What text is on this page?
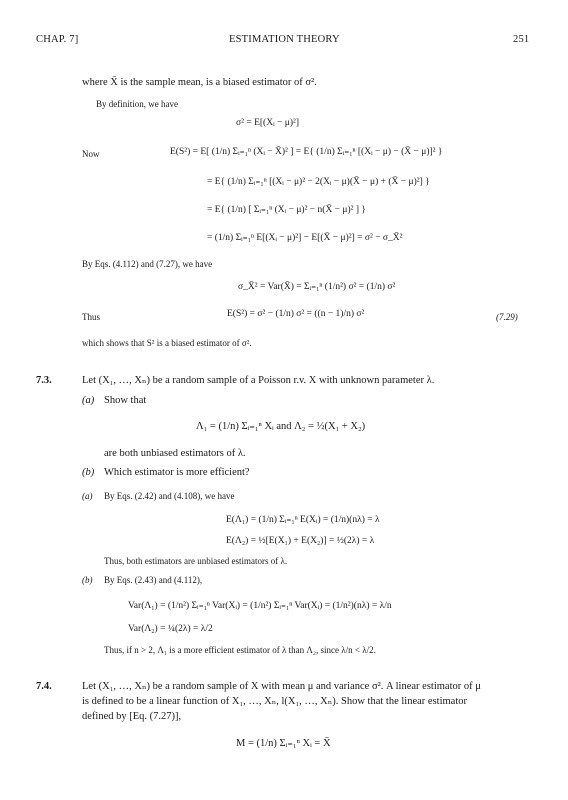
CHAP. 7]	ESTIMATION THEORY	251
where X̄ is the sample mean, is a biased estimator of σ².
By definition, we have
σ² = E[(Xᵢ − μ)²]
Now	E(S²) = E[ (1/n) Σᵢ₌₁ⁿ (Xᵢ − X̄)² ] = E{ (1/n) Σᵢ₌₁ⁿ [(Xᵢ − μ) − (X̄ − μ)]² }
= E{ (1/n) Σᵢ₌₁ⁿ [(Xᵢ − μ)² − 2(Xᵢ − μ)(X̄ − μ) + (X̄ − μ)²] }
= E{ (1/n) [ Σᵢ₌₁ⁿ (Xᵢ − μ)² − n(X̄ − μ)² ] }
= (1/n) Σᵢ₌₁ⁿ E[(Xᵢ − μ)²] − E[(X̄ − μ)²] = σ² − σ_X̄²
By Eqs. (4.112) and (7.27), we have
σ_X̄² = Var(X̄) = Σᵢ₌₁ⁿ (1/n²) σ² = (1/n) σ²
Thus	E(S²) = σ² − (1/n) σ² = ((n − 1)/n) σ²	(7.29)
which shows that S² is a biased estimator of σ².
7.3.	Let (X₁, …, Xₙ) be a random sample of a Poisson r.v. X with unknown parameter λ.
(a) Show that
Λ₁ = (1/n) Σᵢ₌₁ⁿ Xᵢ and Λ₂ = ½(X₁ + X₂)
are both unbiased estimators of λ.
(b) Which estimator is more efficient?
(a) By Eqs. (2.42) and (4.108), we have
E(Λ₁) = (1/n) Σᵢ₌₁ⁿ E(Xᵢ) = (1/n)(nλ) = λ
E(Λ₂) = ½[E(X₁) + E(X₂)] = ½(2λ) = λ
Thus, both estimators are unbiased estimators of λ.
(b) By Eqs. (2.43) and (4.112),
Var(Λ₁) = (1/n²) Σᵢ₌₁ⁿ Var(Xᵢ) = (1/n²) Σᵢ₌₁ⁿ Var(Xᵢ) = (1/n²)(nλ) = λ/n
Var(Λ₂) = ¼(2λ) = λ/2
Thus, if n > 2, Λ₁ is a more efficient estimator of λ than Λ₂, since λ/n < λ/2.
7.4.	Let (X₁, …, Xₙ) be a random sample of X with mean μ and variance σ². A linear estimator of μ
is defined to be a linear function of X₁, …, Xₙ, l(X₁, …, Xₙ). Show that the linear estimator
defined by [Eq. (7.27)],
M = (1/n) Σᵢ₌₁ⁿ Xᵢ = X̄
